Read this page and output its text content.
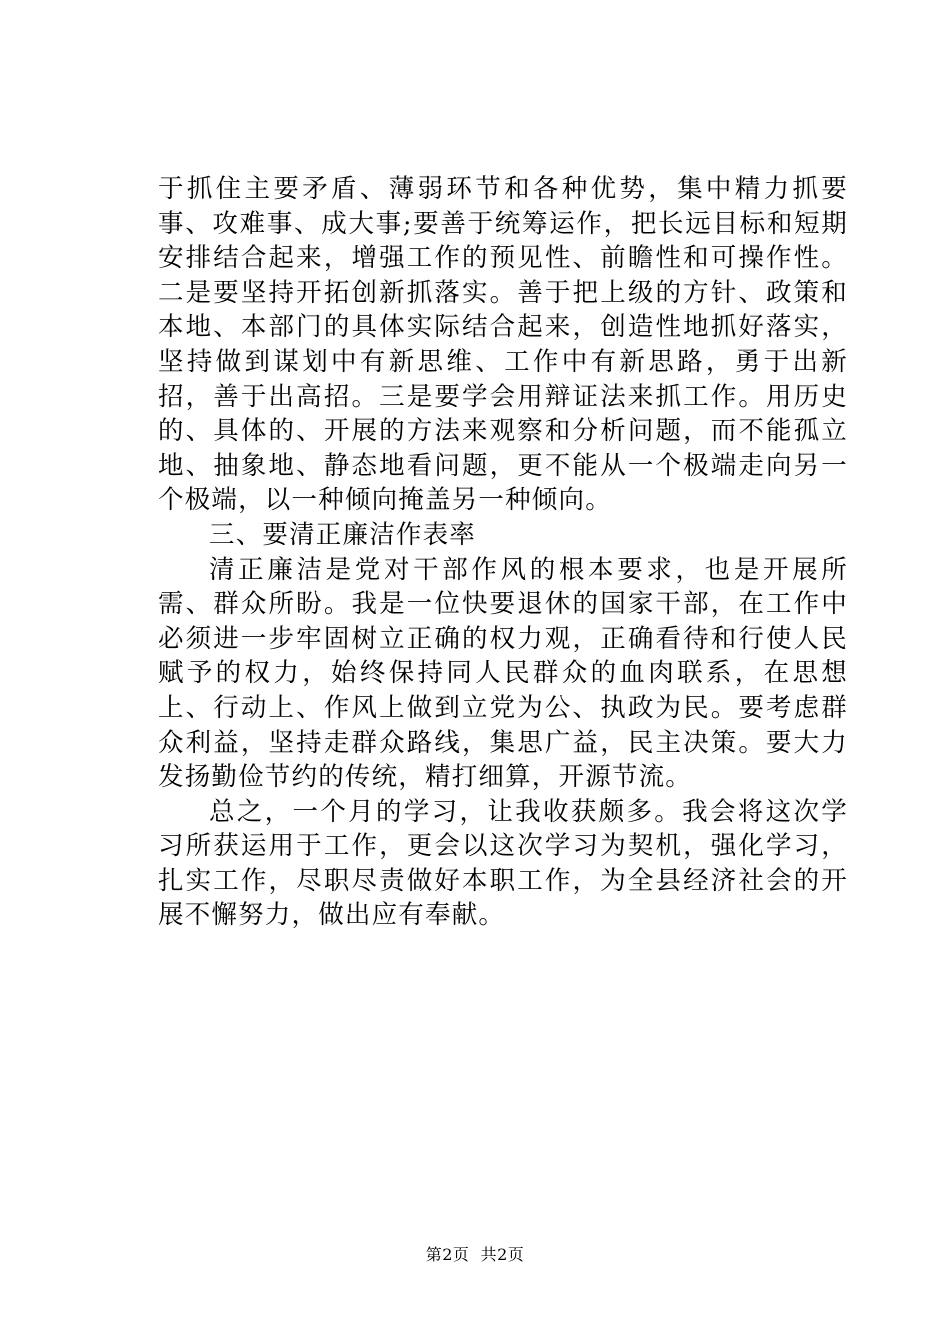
于抓住主要矛盾、薄弱环节和各种优势，集中精力抓要事、攻难事、成大事;要善于统筹运作，把长远目标和短期安排结合起来，增强工作的预见性、前瞻性和可操作性。二是要坚持开拓创新抓落实。善于把上级的方针、政策和本地、本部门的具体实际结合起来，创造性地抓好落实，坚持做到谋划中有新思维、工作中有新思路，勇于出新招，善于出高招。三是要学会用辩证法来抓工作。用历史的、具体的、开展的方法来观察和分析问题，而不能孤立地、抽象地、静态地看问题，更不能从一个极端走向另一个极端，以一种倾向掩盖另一种倾向。

三、要清正廉洁作表率

清正廉洁是党对干部作风的根本要求，也是开展所需、群众所盼。我是一位快要退休的国家干部，在工作中必须进一步牢固树立正确的权力观，正确看待和行使人民赋予的权力，始终保持同人民群众的血肉联系，在思想上、行动上、作风上做到立党为公、执政为民。要考虑群众利益，坚持走群众路线，集思广益，民主决策。要大力发扬勤俭节约的传统，精打细算，开源节流。

总之，一个月的学习，让我收获颇多。我会将这次学习所获运用于工作，更会以这次学习为契机，强化学习，扎实工作，尽职尽责做好本职工作，为全县经济社会的开展不懈努力，做出应有奉献。

第2页  共2页
